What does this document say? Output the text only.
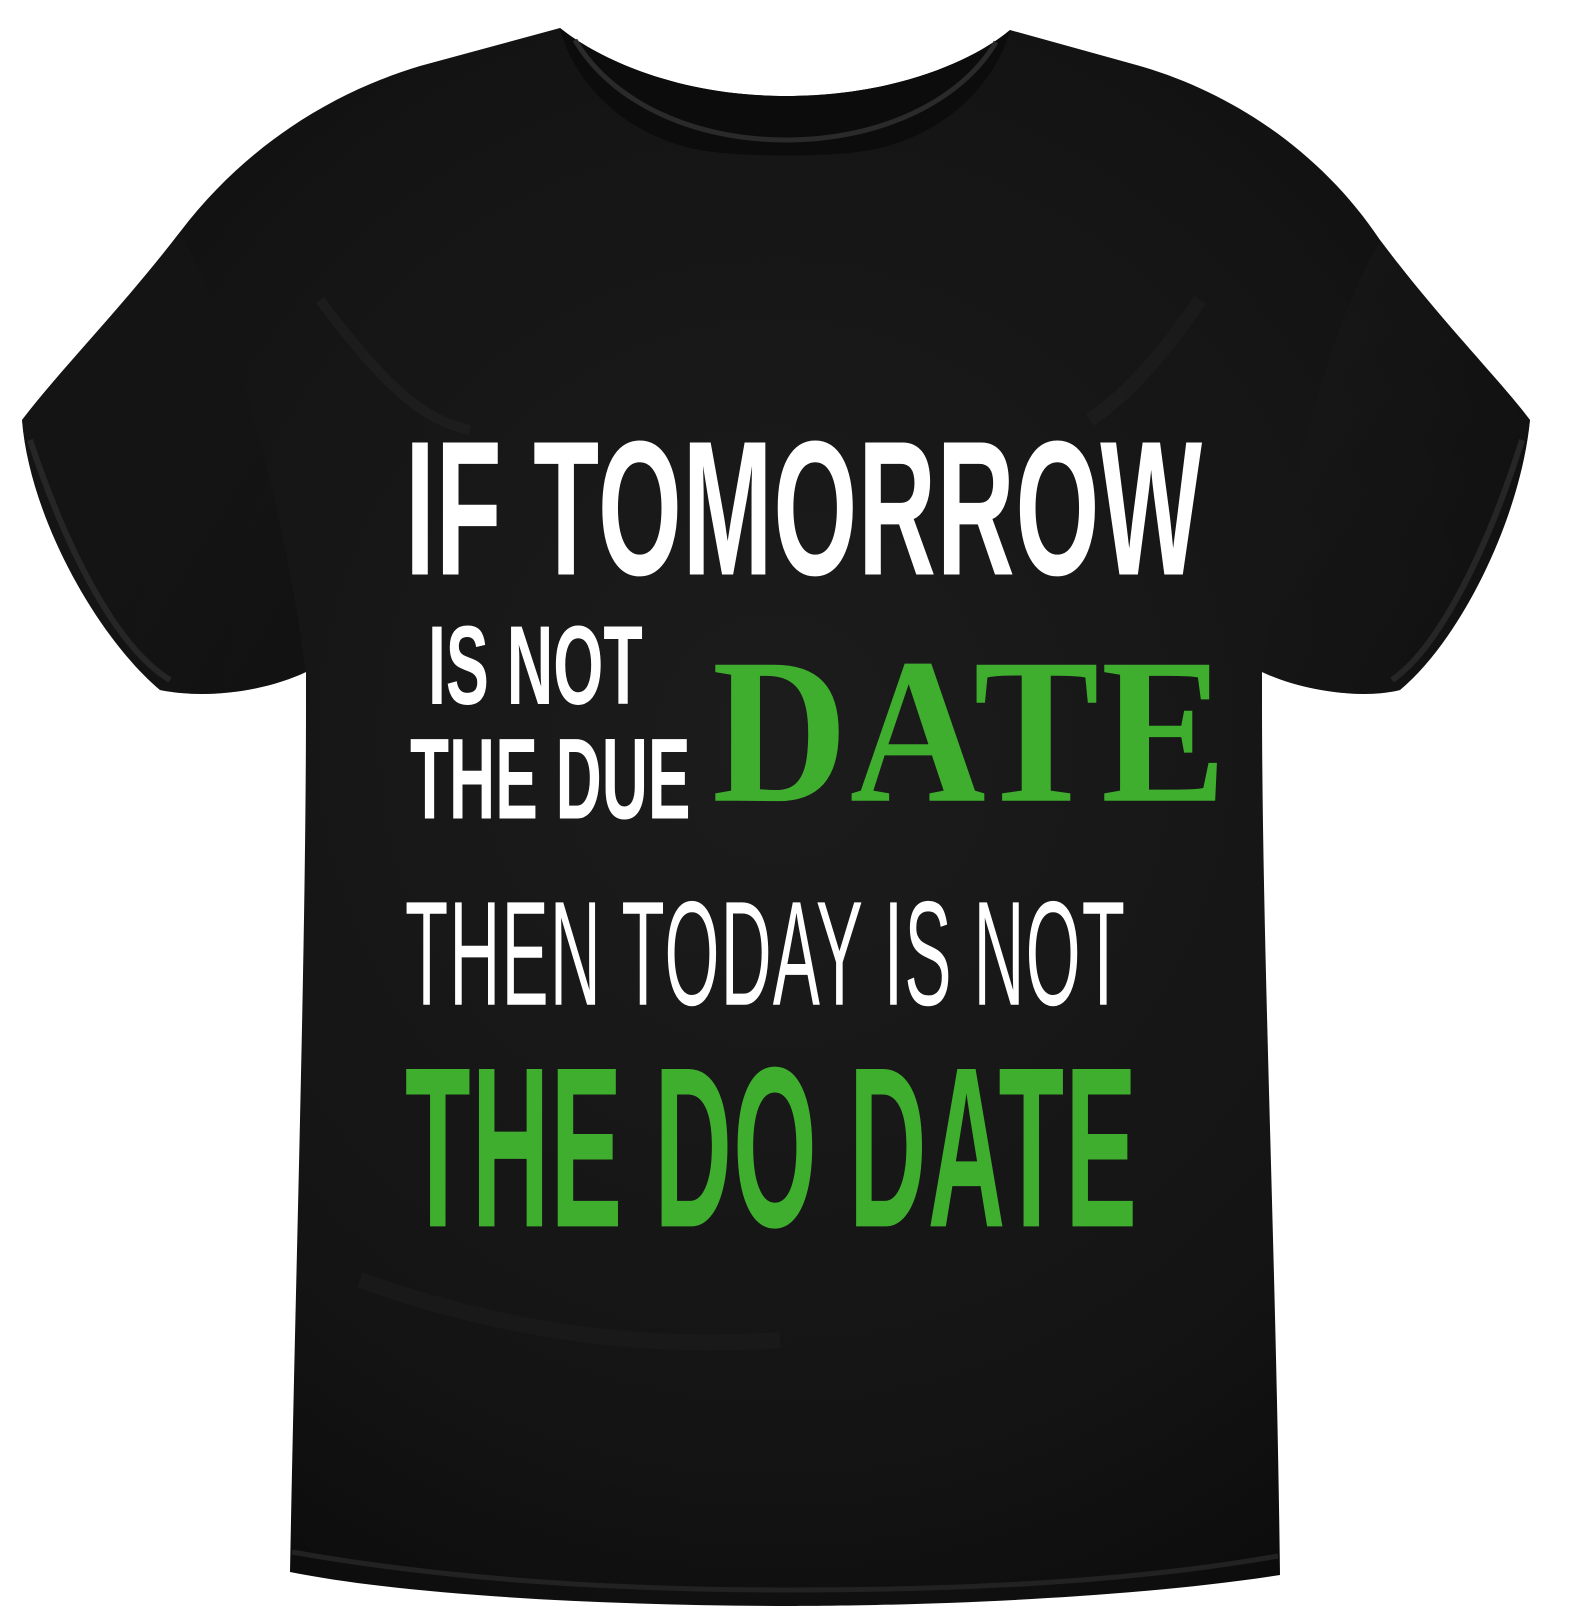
IF TOMORROW

IS NOT

THE DUE DATE

THEN TODAY IS NOT

THE DO DATE
